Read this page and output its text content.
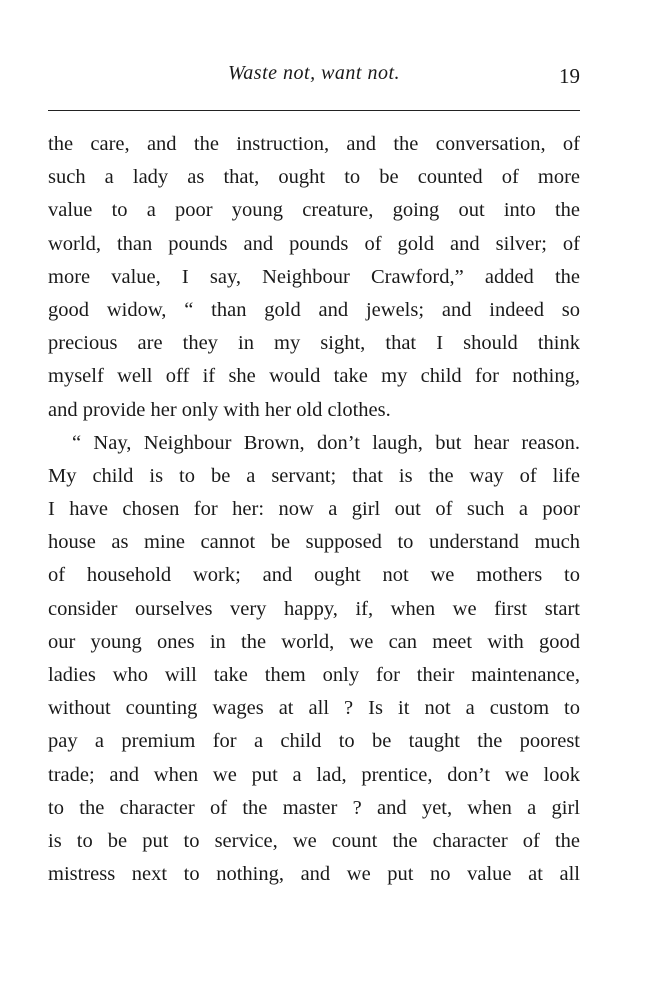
Waste not, want not.	19
the care, and the instruction, and the conversation, of
such a lady as that, ought to be counted of more
value to a poor young creature, going out into the
world, than pounds and pounds of gold and silver; of
more value, I say, Neighbour Crawford,” added the
good widow, “ than gold and jewels; and indeed so
precious are they in my sight, that I should think
myself well off if she would take my child for nothing,
and provide her only with her old clothes.
“ Nay, Neighbour Brown, don’t laugh, but hear reason.
My child is to be a servant; that is the way of life
I have chosen for her: now a girl out of such a poor
house as mine cannot be supposed to understand much
of household work; and ought not we mothers to
consider ourselves very happy, if, when we first start
our young ones in the world, we can meet with good
ladies who will take them only for their maintenance,
without counting wages at all ? Is it not a custom to
pay a premium for a child to be taught the poorest
trade; and when we put a lad, prentice, don’t we look
to the character of the master ? and yet, when a girl
is to be put to service, we count the character of the
mistress next to nothing, and we put no value at all
